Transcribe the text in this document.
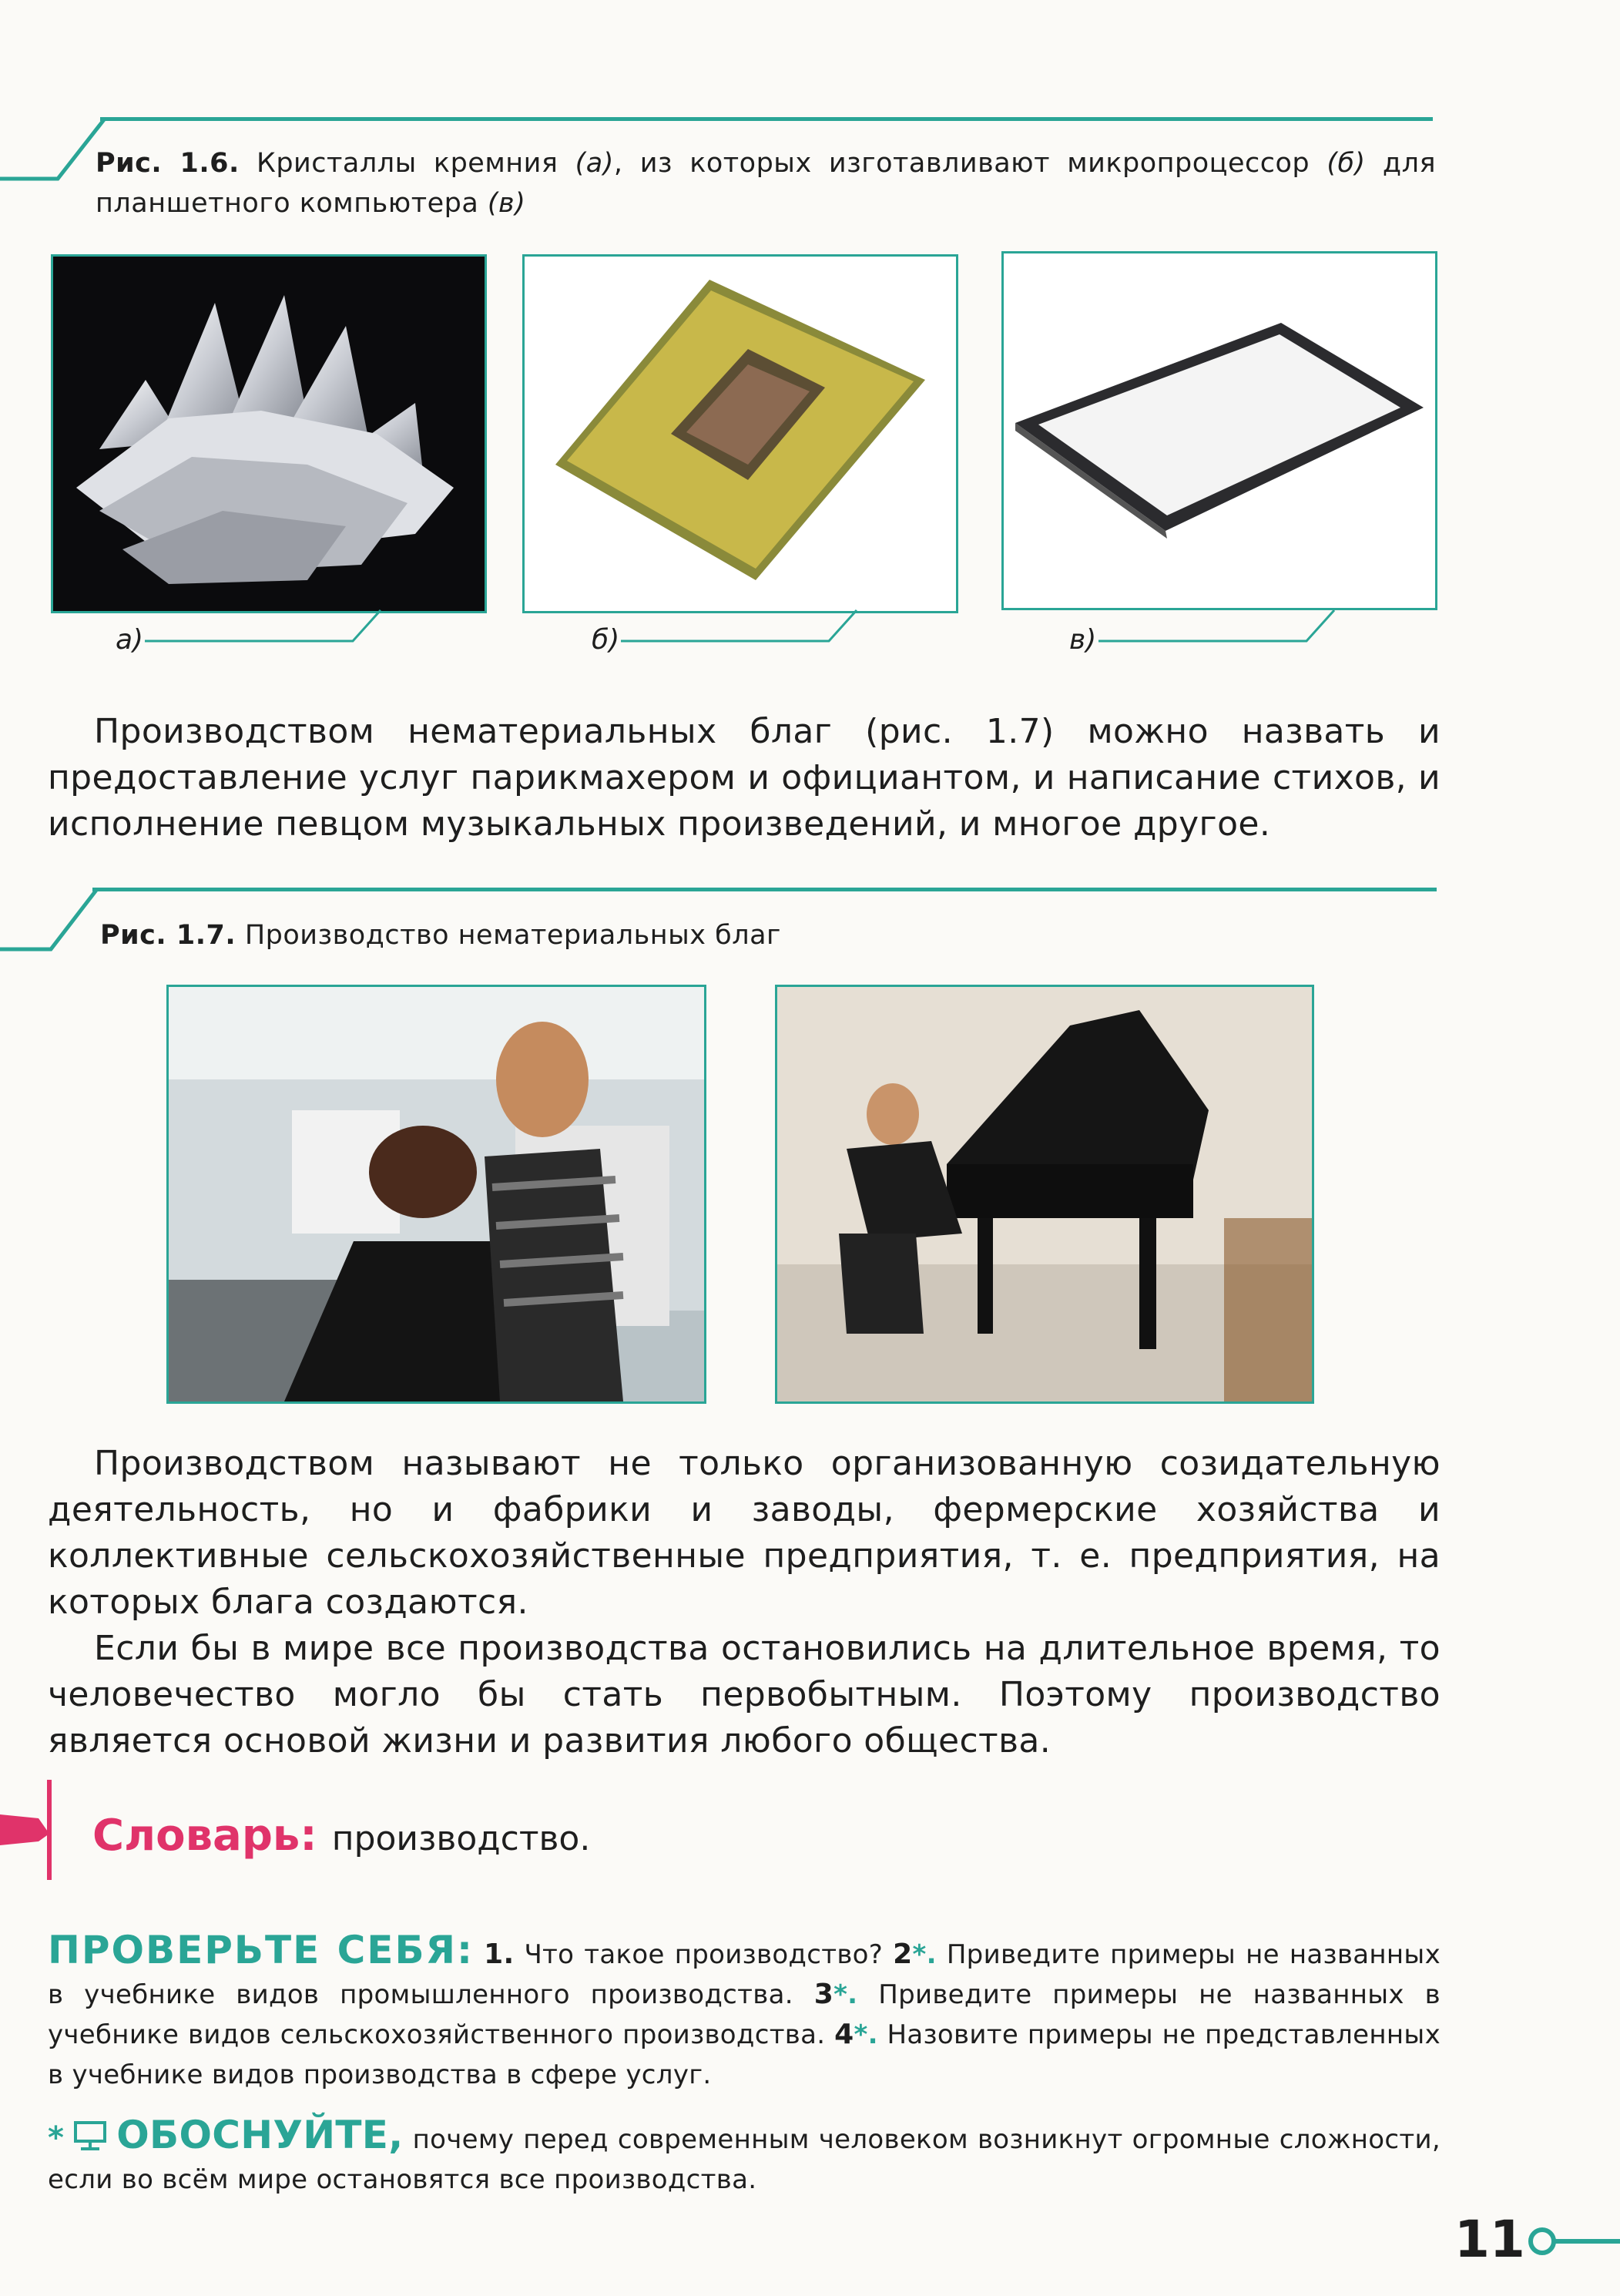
Рис. 1.6. Кристаллы кремния (а), из которых изготавливают микропроцессор (б) для планшетного компьютера (в)
а)	б)	в)
Производством нематериальных благ (рис. 1.7) можно назвать и предоставление услуг парикмахером и официантом, и написание стихов, и исполнение певцом музыкальных произведений, и многое другое.
Рис. 1.7. Производство нематериальных благ
Производством называют не только организованную созидательную деятельность, но и фабрики и заводы, фермерские хозяйства и коллективные сельскохозяйственные предприятия, т. е. предприятия, на которых блага создаются.
Если бы в мире все производства остановились на длительное время, то человечество могло бы стать первобытным. Поэтому производство является основой жизни и развития любого общества.
Словарь: производство.
ПРОВЕРЬТЕ СЕБЯ: 1. Что такое производство? 2*. Приведите примеры не названных в учебнике видов промышленного производства. 3*. Приведите примеры не названных в учебнике видов сельскохозяйственного производства. 4*. Назовите примеры не представленных в учебнике видов производства в сфере услуг.
* ОБОСНУЙТЕ, почему перед современным человеком возникнут огромные сложности, если во всём мире остановятся все производства.
11
